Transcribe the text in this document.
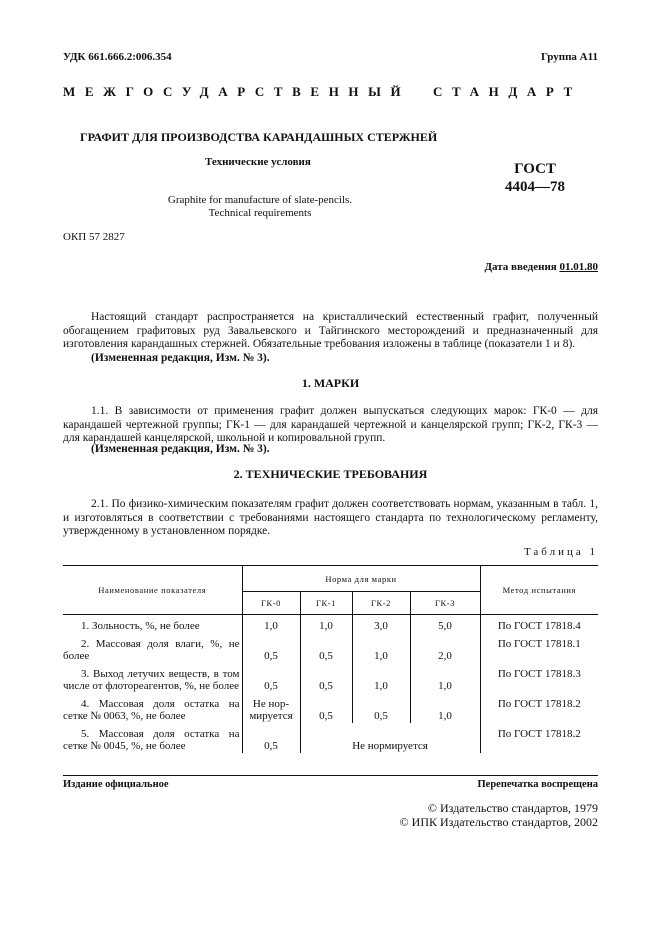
УДК 661.666.2:006.354	Группа А11
МЕЖГОСУДАРСТВЕННЫЙ СТАНДАРТ
ГРАФИТ ДЛЯ ПРОИЗВОДСТВА КАРАНДАШНЫХ СТЕРЖНЕЙ
Технические условия	ГОСТ
4404—78
Graphite for manufacture of slate-pencils.
Technical requirements
ОКП 57 2827
Дата введения 01.01.80
Настоящий стандарт распространяется на кристаллический естественный графит, полученный обогащением графитовых руд Завальевского и Тайгинского месторождений и предназначенный для изготовления карандашных стержней. Обязательные требования изложены в таблице (показатели 1 и 8).
(Измененная редакция, Изм. № 3).
1. МАРКИ
1.1. В зависимости от применения графит должен выпускаться следующих марок: ГК-0 — для карандашей чертежной группы; ГК-1 — для карандашей чертежной и канцелярской групп; ГК-2, ГК-3 — для карандашей канцелярской, школьной и копировальной групп.
(Измененная редакция, Изм. № 3).
2. ТЕХНИЧЕСКИЕ ТРЕБОВАНИЯ
2.1. По физико-химическим показателям графит должен соответствовать нормам, указанным в табл. 1, и изготовляться в соответствии с требованиями настоящего стандарта по технологическому регламенту, утвержденному в установленном порядке.
Таблица 1
Наименование показателя	Норма для марки				Метод испытания
	ГК-0	ГК-1	ГК-2	ГК-3	
1. Зольность, %, не более	1,0	1,0	3,0	5,0	По ГОСТ 17818.4
2. Массовая доля влаги, %, не более	0,5	0,5	1,0	2,0	По ГОСТ 17818.1
3. Выход летучих веществ, в том числе от флотореагентов, %, не более	0,5	0,5	1,0	1,0	По ГОСТ 17818.3
4. Массовая доля остатка на сетке № 0063, %, не более	Не нор-мируется	0,5	0,5	1,0	По ГОСТ 17818.2
5. Массовая доля остатка на сетке № 0045, %, не более	0,5	Не нормируется			По ГОСТ 17818.2
Издание официальное	Перепечатка воспрещена
© Издательство стандартов, 1979
© ИПК Издательство стандартов, 2002
